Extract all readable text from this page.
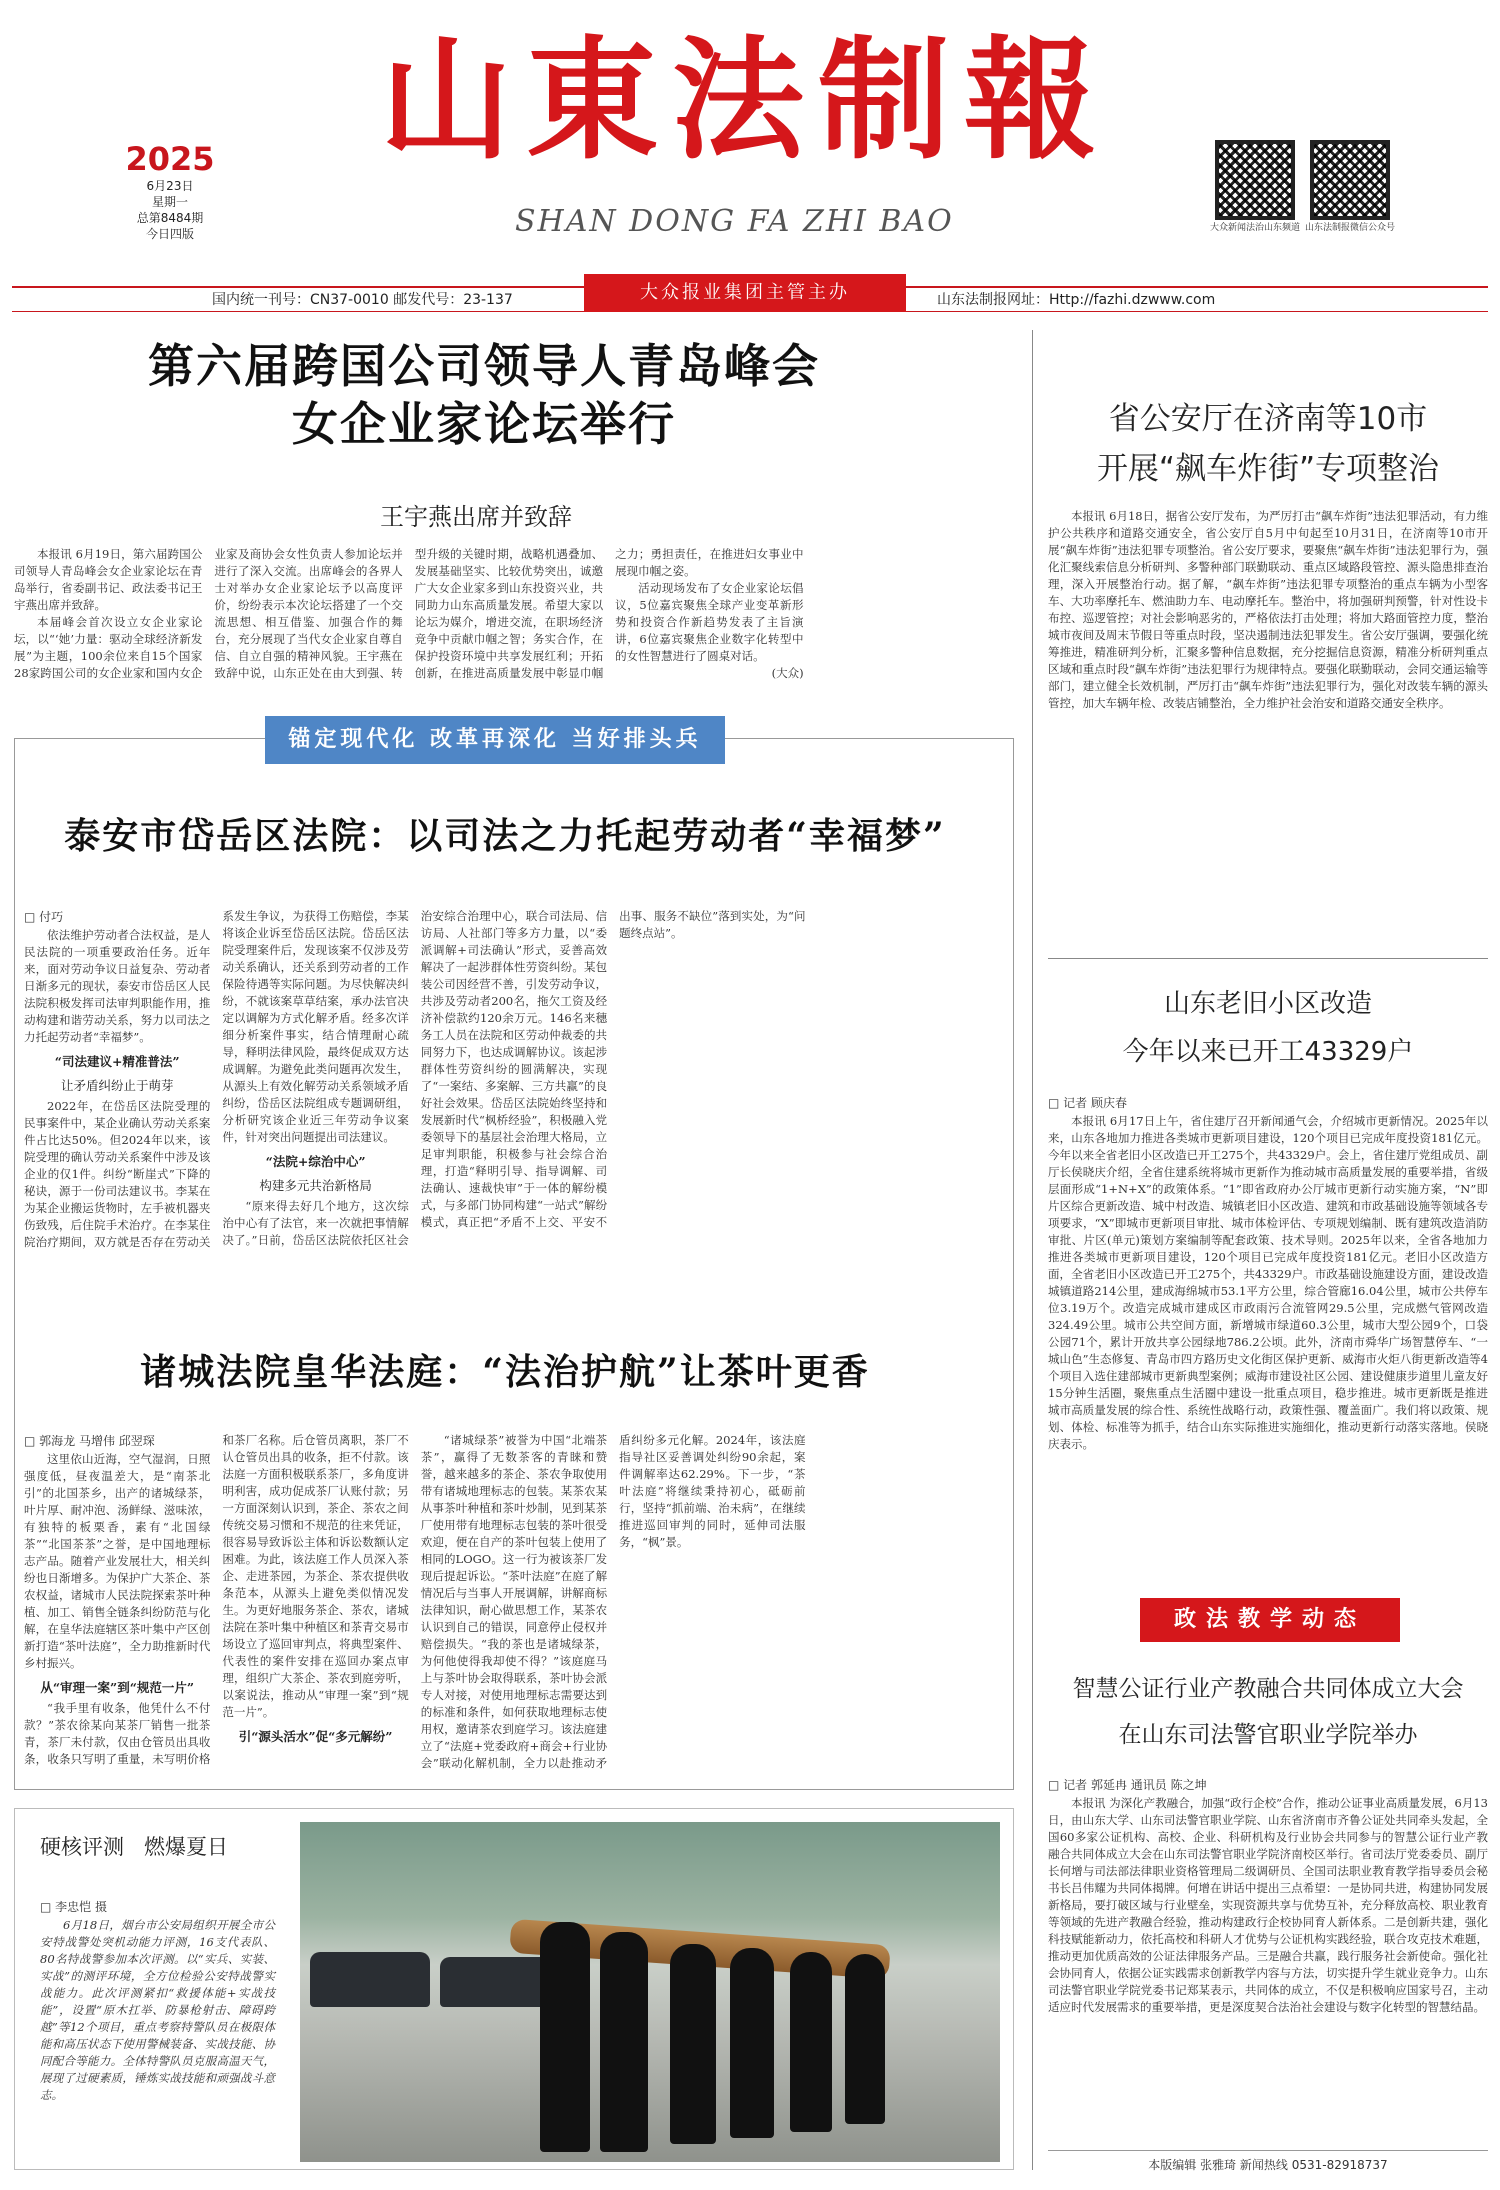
山東法制報
SHAN DONG FA ZHI BAO
2025
6月23日
星期一
总第8484期
今日四版	大众新闻法治山东频道 山东法制报微信公众号
国内统一刊号：CN37-0010 邮发代号：23-137	大众报业集团主管主办	山东法制报网址：Http://fazhi.dzwww.com
第六届跨国公司领导人青岛峰会
女企业家论坛举行
王宇燕出席并致辞

本报讯 6月19日，第六届跨国公司领导人青岛峰会女企业家论坛在青岛举行，省委副书记、政法委书记王宇燕出席并致辞。

本届峰会首次设立女企业家论坛，以“‘她’力量：驱动全球经济新发展”为主题，100余位来自15个国家28家跨国公司的女企业家和国内女企业家及商协会女性负责人参加论坛并进行了深入交流。出席峰会的各界人士对举办女企业家论坛予以高度评价，纷纷表示本次论坛搭建了一个交流思想、相互借鉴、加强合作的舞台，充分展现了当代女企业家自尊自信、自立自强的精神风貌。王宇燕在致辞中说，山东正处在由大到强、转型升级的关键时期，战略机遇叠加、发展基础坚实、比较优势突出，诚邀广大女企业家多到山东投资兴业，共同助力山东高质量发展。希望大家以论坛为媒介，增进交流，在职场经济竞争中贡献巾帼之智；务实合作，在保护投资环境中共享发展红利；开拓创新，在推进高质量发展中彰显巾帼之力；勇担责任，在推进妇女事业中展现巾帼之姿。

活动现场发布了女企业家论坛倡议，5位嘉宾聚焦全球产业变革新形势和投资合作新趋势发表了主旨演讲，6位嘉宾聚焦企业数字化转型中的女性智慧进行了圆桌对话。

(大众)

锚定现代化 改革再深化 当好排头兵
泰安市岱岳区法院：以司法之力托起劳动者“幸福梦”

□ 付巧

依法维护劳动者合法权益，是人民法院的一项重要政治任务。近年来，面对劳动争议日益复杂、劳动者日渐多元的现状，泰安市岱岳区人民法院积极发挥司法审判职能作用，推动构建和谐劳动关系，努力以司法之力托起劳动者“幸福梦”。

“司法建议+精准普法”

让矛盾纠纷止于萌芽

2022年，在岱岳区法院受理的民事案件中，某企业确认劳动关系案件占比达50%。但2024年以来，该院受理的确认劳动关系案件中涉及该企业的仅1件。纠纷“断崖式”下降的秘诀，源于一份司法建议书。李某在为某企业搬运货物时，左手被机器夹伤致残，后住院手术治疗。在李某住院治疗期间，双方就是否存在劳动关系发生争议，为获得工伤赔偿，李某将该企业诉至岱岳区法院。岱岳区法院受理案件后，发现该案不仅涉及劳动关系确认，还关系到劳动者的工作保险待遇等实际问题。为尽快解决纠纷，不就该案草草结案，承办法官决定以调解为方式化解矛盾。经多次详细分析案件事实，结合情理耐心疏导，释明法律风险，最终促成双方达成调解。为避免此类问题再次发生，从源头上有效化解劳动关系领域矛盾纠纷，岱岳区法院组成专题调研组，分析研究该企业近三年劳动争议案件，针对突出问题提出司法建议。

“法院+综治中心”

构建多元共治新格局

“原来得去好几个地方，这次综治中心有了法官，来一次就把事情解决了。”日前，岱岳区法院依托区社会治安综合治理中心，联合司法局、信访局、人社部门等多方力量，以“委派调解+司法确认”形式，妥善高效解决了一起涉群体性劳资纠纷。某包装公司因经营不善，引发劳动争议，共涉及劳动者200名，拖欠工资及经济补偿款约120余万元。146名来穗务工人员在法院和区劳动仲裁委的共同努力下，也达成调解协议。该起涉群体性劳资纠纷的圆满解决，实现了“一案结、多案解、三方共赢”的良好社会效果。岱岳区法院始终坚持和发展新时代“枫桥经验”，积极融入党委领导下的基层社会治理大格局，立足审判职能，积极参与社会综合治理，打造“释明引导、指导调解、司法确认、速裁快审”于一体的解纷模式，与多部门协同构建“一站式”解纷模式，真正把“矛盾不上交、平安不出事、服务不缺位”落到实处，为“问题终点站”。

诸城法院皇华法庭：“法治护航”让茶叶更香

□ 郭海龙 马增伟 邱翌琛

这里依山近海，空气湿润，日照强度低，昼夜温差大，是“南茶北引”的北国茶乡，出产的诸城绿茶，叶片厚、耐冲泡、汤鲜绿、滋味浓，有独特的板栗香，素有“北国绿茶”“北国茶茶”之誉，是中国地理标志产品。随着产业发展壮大，相关纠纷也日渐增多。为保护广大茶企、茶农权益，诸城市人民法院探索茶叶种植、加工、销售全链条纠纷防范与化解，在皇华法庭辖区茶叶集中产区创新打造“茶叶法庭”，全力助推新时代乡村振兴。

从“审理一案”到“规范一片”

“我手里有收条，他凭什么不付款？”茶农徐某向某茶厂销售一批茶青，茶厂未付款，仅由仓管员出具收条，收条只写明了重量，未写明价格和茶厂名称。后仓管员离职，茶厂不认仓管员出具的收条，拒不付款。该法庭一方面积极联系茶厂，多角度讲明利害，成功促成茶厂认账付款；另一方面深刻认识到，茶企、茶农之间传统交易习惯和不规范的往来凭证，很容易导致诉讼主体和诉讼数额认定困难。为此，该法庭工作人员深入茶企、走进茶园，为茶企、茶农提供收条范本，从源头上避免类似情况发生。为更好地服务茶企、茶农，诸城法院在茶叶集中种植区和茶青交易市场设立了巡回审判点，将典型案件、代表性的案件安排在巡回办案点审理，组织广大茶企、茶农到庭旁听，以案说法，推动从“审理一案”到“规范一片”。

引“源头活水”促“多元解纷”

“诸城绿茶”被誉为中国“北端茶茶”，赢得了无数茶客的青睐和赞誉，越来越多的茶企、茶农争取使用带有诸城地理标志的包装。某茶农某从事茶叶种植和茶叶炒制，见到某茶厂使用带有地理标志包装的茶叶很受欢迎，便在自产的茶叶包装上使用了相同的LOGO。这一行为被该茶厂发现后提起诉讼。“茶叶法庭”在庭了解情况后与当事人开展调解，讲解商标法律知识，耐心做思想工作，某茶农认识到自己的错误，同意停止侵权并赔偿损失。“我的茶也是诸城绿茶，为何他使得我却使不得？”该庭庭马上与茶叶协会取得联系，茶叶协会派专人对接，对使用地理标志需要达到的标准和条件，如何获取地理标志使用权，邀请茶农到庭学习。该法庭建立了“法庭+党委政府+商会+行业协会”联动化解机制，全力以赴推动矛盾纠纷多元化解。2024年，该法庭指导社区妥善调处纠纷90余起，案件调解率达62.29%。下一步，“茶叶法庭”将继续秉持初心，砥砺前行，坚持“抓前端、治未病”，在继续推进巡回审判的同时，延伸司法服务，“枫”景。

硬核评测 燃爆夏日

□ 李忠恺 摄

6月18日，烟台市公安局组织开展全市公安特战警处突机动能力评测，16支代表队、80名特战警参加本次评测。以“实兵、实装、实战”的测评环境，全方位检验公安特战警实战能力。此次评测紧扣“救援体能+实战技能”，设置“原木扛举、防暴枪射击、障碍跨越”等12个项目，重点考察特警队员在极限体能和高压状态下使用警械装备、实战技能、协同配合等能力。全体特警队员克服高温天气，展现了过硬素质，锤炼实战技能和顽强战斗意志。

省公安厅在济南等10市
开展“飙车炸街”专项整治

本报讯 6月18日，据省公安厅发布，为严厉打击“飙车炸街”违法犯罪活动，有力维护公共秩序和道路交通安全，省公安厅自5月中旬起至10月31日，在济南等10市开展“飙车炸街”违法犯罪专项整治。省公安厅要求，要聚焦“飙车炸街”违法犯罪行为，强化汇聚线索信息分析研判、多警种部门联勤联动、重点区域路段管控、源头隐患排查治理，深入开展整治行动。据了解，“飙车炸街”违法犯罪专项整治的重点车辆为小型客车、大功率摩托车、燃油助力车、电动摩托车。整治中，将加强研判预警，针对性设卡布控、巡逻管控；对社会影响恶劣的，严格依法打击处理；将加大路面管控力度，整治城市夜间及周末节假日等重点时段，坚决遏制违法犯罪发生。省公安厅强调，要强化统筹推进，精准研判分析，汇聚多警种信息数据，充分挖掘信息资源，精准分析研判重点区域和重点时段“飙车炸街”违法犯罪行为规律特点。要强化联勤联动，会同交通运输等部门，建立健全长效机制，严厉打击“飙车炸街”违法犯罪行为，强化对改装车辆的源头管控，加大车辆年检、改装店铺整治，全力维护社会治安和道路交通安全秩序。

山东老旧小区改造
今年以来已开工43329户

□ 记者 顾庆春

本报讯 6月17日上午，省住建厅召开新闻通气会，介绍城市更新情况。2025年以来，山东各地加力推进各类城市更新项目建设，120个项目已完成年度投资181亿元。今年以来全省老旧小区改造已开工275个，共43329户。会上，省住建厅党组成员、副厅长侯晓庆介绍，全省住建系统将城市更新作为推动城市高质量发展的重要举措，省级层面形成“1+N+X”的政策体系。“1”即省政府办公厅城市更新行动实施方案，“N”即片区综合更新改造、城中村改造、城镇老旧小区改造、建筑和市政基础设施等领域各专项要求，“X”即城市更新项目审批、城市体检评估、专项规划编制、既有建筑改造消防审批、片区(单元)策划方案编制等配套政策、技术导则。2025年以来，全省各地加力推进各类城市更新项目建设，120个项目已完成年度投资181亿元。老旧小区改造方面，全省老旧小区改造已开工275个，共43329户。市政基础设施建设方面，建设改造城镇道路214公里，建成海绵城市53.1平方公里，综合管廊16.04公里，城市公共停车位3.19万个。改造完成城市建成区市政雨污合流管网29.5公里，完成燃气管网改造324.49公里。城市公共空间方面，新增城市绿道60.3公里，城市大型公园9个，口袋公园71个，累计开放共享公园绿地786.2公顷。此外，济南市舜华广场智慧停车、“一城山色”生态修复、青岛市四方路历史文化街区保护更新、威海市火炬八街更新改造等4个项目入选住建部城市更新典型案例；威海市建设社区公园、建设健康步道里儿童友好15分钟生活圈，聚焦重点生活圈中建设一批重点项目，稳步推进。城市更新既是推进城市高质量发展的综合性、系统性战略行动，政策性强、覆盖面广。我们将以政策、规划、体检、标准等为抓手，结合山东实际推进实施细化，推动更新行动落实落地。侯晓庆表示。

政法教学动态
智慧公证行业产教融合共同体成立大会
在山东司法警官职业学院举办

□ 记者 郭延冉 通讯员 陈之坤

本报讯 为深化产教融合，加强“政行企校”合作，推动公证事业高质量发展，6月13日，由山东大学、山东司法警官职业学院、山东省济南市齐鲁公证处共同牵头发起，全国60多家公证机构、高校、企业、科研机构及行业协会共同参与的智慧公证行业产教融合共同体成立大会在山东司法警官职业学院济南校区举行。省司法厅党委委员、副厅长何增与司法部法律职业资格管理局二级调研员、全国司法职业教育教学指导委员会秘书长吕伟耀为共同体揭牌。何增在讲话中提出三点希望：一是协同共进，构建协同发展新格局，要打破区域与行业壁垒，实现资源共享与优势互补，充分释放高校、职业教育等领域的先进产教融合经验，推动构建政行企校协同育人新体系。二是创新共建，强化科技赋能新动力，依托高校和科研人才优势与公证机构实践经验，联合攻克技术难题，推动更加优质高效的公证法律服务产品。三是融合共赢，践行服务社会新使命。强化社会协同育人，依据公证实践需求创新教学内容与方法，切实提升学生就业竞争力。山东司法警官职业学院党委书记郑某表示，共同体的成立，不仅是积极响应国家号召，主动适应时代发展需求的重要举措，更是深度契合法治社会建设与数字化转型的智慧结晶。

本版编辑 张雅琦 新闻热线 0531-82918737
